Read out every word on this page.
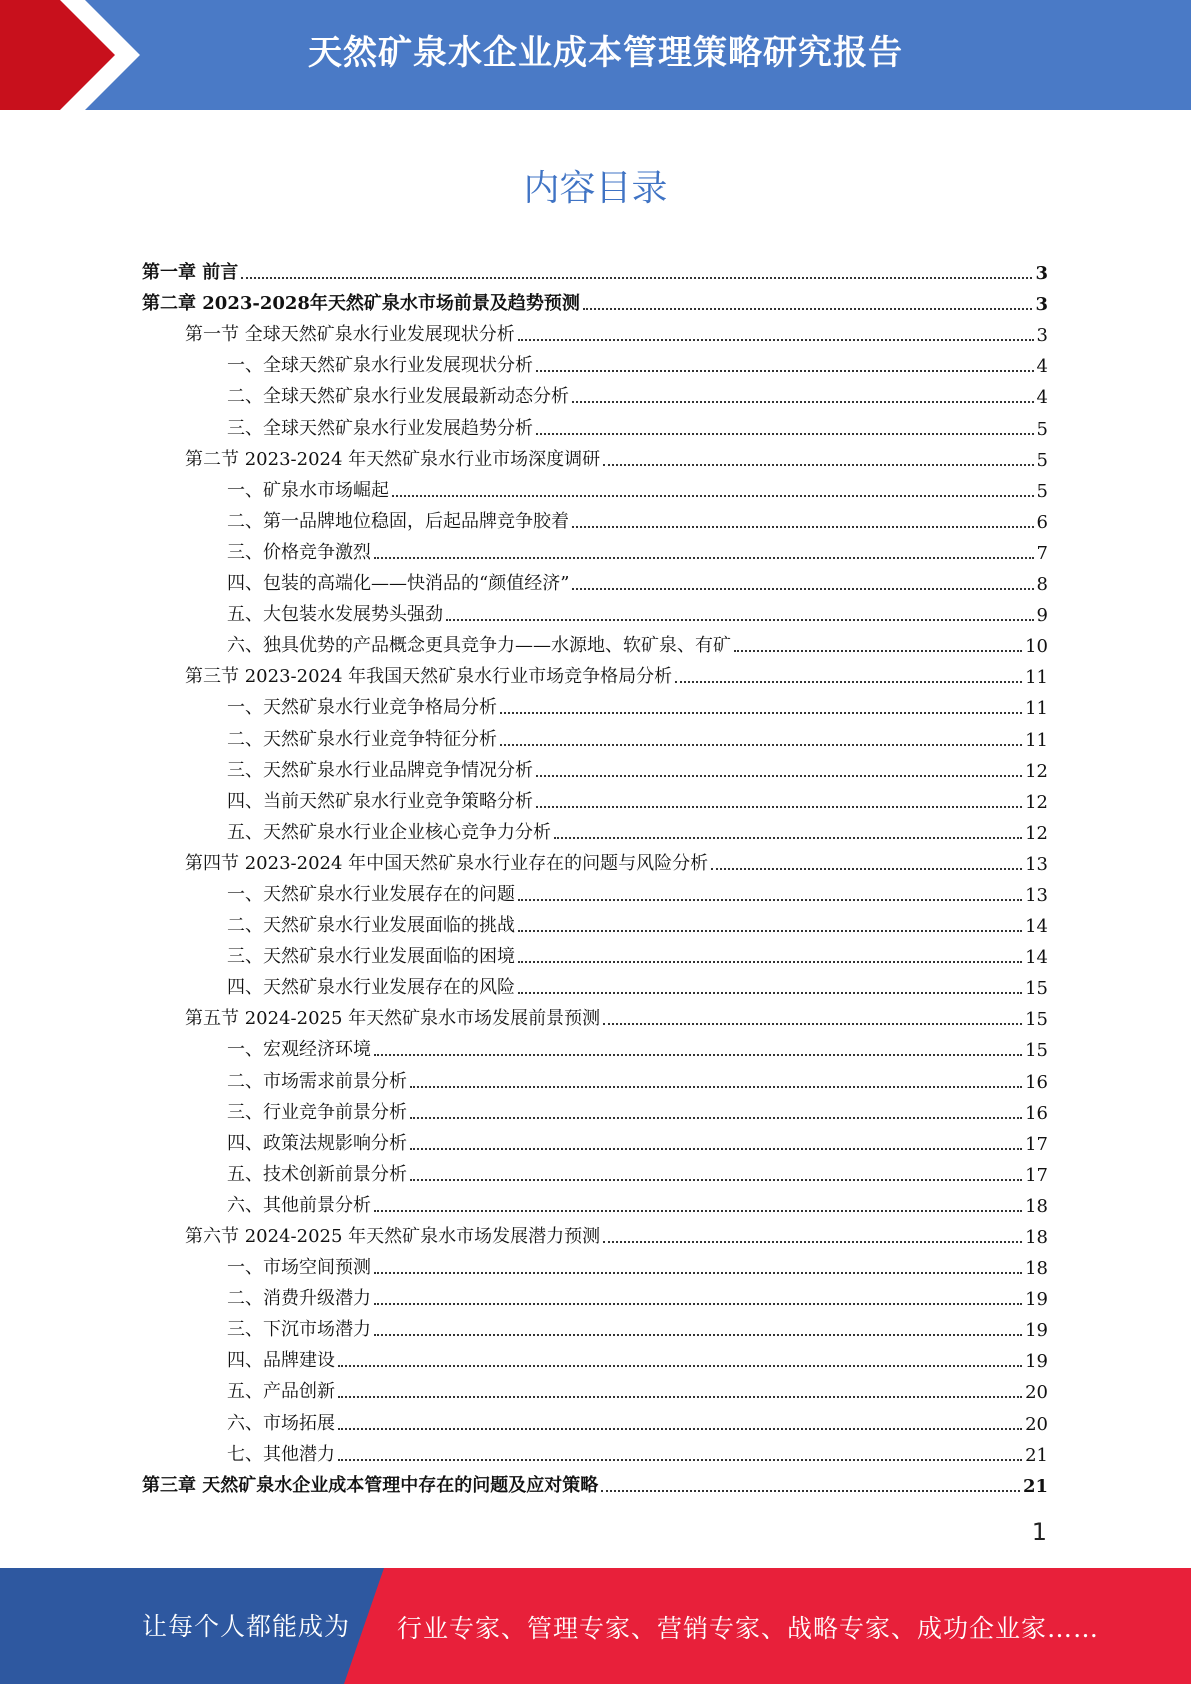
天然矿泉水企业成本管理策略研究报告
内容目录
第一章 前言	3
第二章 2023-2028年天然矿泉水市场前景及趋势预测	3
第一节 全球天然矿泉水行业发展现状分析	3
一、全球天然矿泉水行业发展现状分析	4
二、全球天然矿泉水行业发展最新动态分析	4
三、全球天然矿泉水行业发展趋势分析	5
第二节 2023-2024 年天然矿泉水行业市场深度调研	5
一、矿泉水市场崛起	5
二、第一品牌地位稳固，后起品牌竞争胶着	6
三、价格竞争激烈	7
四、包装的高端化——快消品的“颜值经济”	8
五、大包装水发展势头强劲	9
六、独具优势的产品概念更具竞争力——水源地、软矿泉、有矿	10
第三节 2023-2024 年我国天然矿泉水行业市场竞争格局分析	11
一、天然矿泉水行业竞争格局分析	11
二、天然矿泉水行业竞争特征分析	11
三、天然矿泉水行业品牌竞争情况分析	12
四、当前天然矿泉水行业竞争策略分析	12
五、天然矿泉水行业企业核心竞争力分析	12
第四节 2023-2024 年中国天然矿泉水行业存在的问题与风险分析	13
一、天然矿泉水行业发展存在的问题	13
二、天然矿泉水行业发展面临的挑战	14
三、天然矿泉水行业发展面临的困境	14
四、天然矿泉水行业发展存在的风险	15
第五节 2024-2025 年天然矿泉水市场发展前景预测	15
一、宏观经济环境	15
二、市场需求前景分析	16
三、行业竞争前景分析	16
四、政策法规影响分析	17
五、技术创新前景分析	17
六、其他前景分析	18
第六节 2024-2025 年天然矿泉水市场发展潜力预测	18
一、市场空间预测	18
二、消费升级潜力	19
三、下沉市场潜力	19
四、品牌建设	19
五、产品创新	20
六、市场拓展	20
七、其他潜力	21
第三章 天然矿泉水企业成本管理中存在的问题及应对策略	21
1
让每个人都能成为 行业专家、管理专家、营销专家、战略专家、成功企业家……
